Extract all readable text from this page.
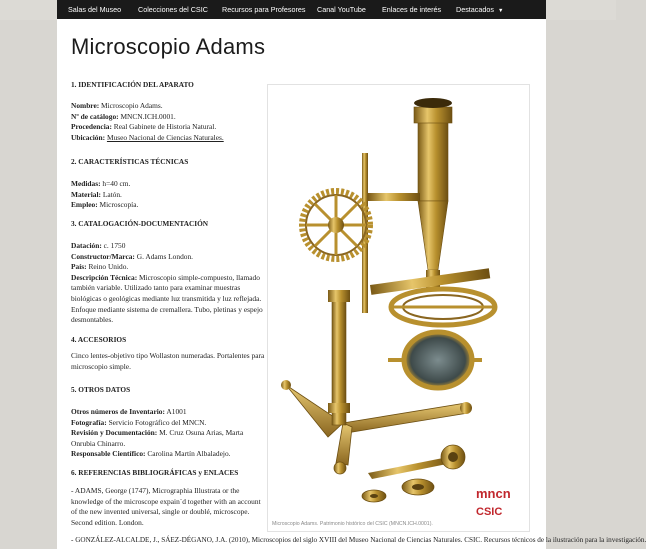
Salas del Museo Colecciones del CSIC Recursos para Profesores Canal YouTube Enlaces de interés Destacados ▼
Microscopio Adams
1. IDENTIFICACIÓN DEL APARATO
Nombre: Microscopio Adams.
Nº de catálogo: MNCN.ICH.0001.
Procedencia: Real Gabinete de Historia Natural.
Ubicación: Museo Nacional de Ciencias Naturales.
2. CARACTERÍSTICAS TÉCNICAS
Medidas: h=40 cm.
Material: Latón.
Empleo: Microscopía.
3. CATALOGACIÓN-DOCUMENTACIÓN
Datación: c. 1750
Constructor/Marca: G. Adams London.
País: Reino Unido.
Descripción Técnica: Microscopio simple-compuesto, llamado también variable. Utilizado tanto para examinar muestras biológicas o geológicas mediante luz transmitida y luz reflejada. Enfoque mediante sistema de cremallera. Tubo, pletinas y espejo desmontables.
4. ACCESORIOS
Cinco lentes-objetivo tipo Wollaston numeradas. Portalentes para microscopio simple.
5. OTROS DATOS
Otros números de Inventario: A1001
Fotografía: Servicio Fotográfico del MNCN.
Revisión y Documentación: M. Cruz Osuna Arias, Marta Onrubia Chinarro.
Responsable Científico: Carolina Martín Albaladejo.
6. REFERENCIAS BIBLIOGRÁFICAS y ENLACES
- ADAMS, George (1747), Micrographia Illustrata or the knowledge of the microscope expain´d together with an account of the new invented universal, single or doublé, microscope. Second edition. London.
- GONZÁLEZ-ALCALDE, J., SÁEZ-DÉGANO, J.A. (2010), Microscopios del siglo XVIII del Museo Nacional de Ciencias Naturales. CSIC. Recursos técnicos de la ilustración para la investigación.
mncn
CSIC
Microscopio Adams. Patrimonio histórico del CSIC (MNCN.ICH.0001).
